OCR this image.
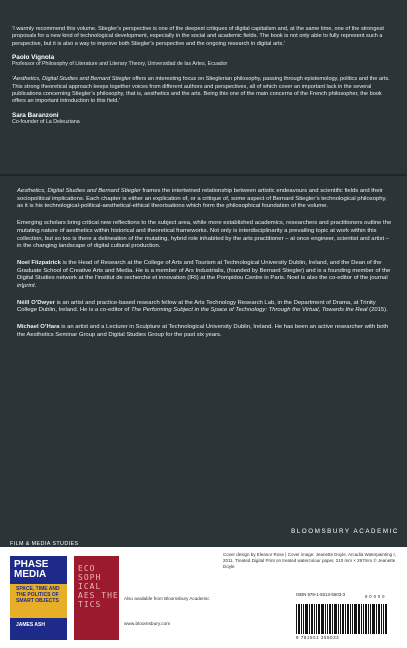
‘I warmly recommend this volume. Stiegler’s perspective is one of the deepest critiques of digital capitalism and, at the same time, one of the strongest proposals for a new kind of technological development, especially in the social and academic fields. The book is not only able to fully represent such a perspective, but it is also a way to improve both Stiegler’s perspective and the ongoing research in digital arts.’
Paolo Vignola
Professor of Philosophy of Literature and Literary Theory, Universidad de las Artes, Ecuador
‘Aesthetics, Digital Studies and Bernard Stiegler offers an interesting focus on Stieglerian philosophy, passing through epistemology, politics and the arts. This strong theoretical approach keeps together voices from different authors and perspectives, all of which cover an important lack in the several publications concerning Stiegler’s philosophy, that is, aesthetics and the arts. Being this one of the main concerns of the French philosopher, the book offers an important introduction to this field.’
Sara Baranzoni
Co-founder of La Deleuziana

Aesthetics, Digital Studies and Bernard Stiegler frames the intertwined relationship between artistic endeavours and scientific fields and their sociopolitical implications. Each chapter is either an explication of, or a critique of, some aspect of Bernard Stiegler’s technological philosophy, as it is his technological-political-aesthetical-ethical theorisations which form the philosophical foundation of the volume.

Emerging scholars bring critical new reflections to the subject area, while more established academics, researchers and practitioners outline the mutating nature of aesthetics within historical and theoretical frameworks. Not only is interdisciplinarity a prevailing topic at work within this collection, but so too is there a delineation of the mutating, hybrid role inhabited by the arts practitioner – at once engineer, scientist and artist – in the changing landscape of digital cultural production.

Noel Fitzpatrick is the Head of Research at the College of Arts and Tourism at Technological University Dublin, Ireland, and the Dean of the Graduate School of Creative Arts and Media. He is a member of Ars Industrialis, (founded by Bernard Stiegler) and is a founding member of the Digital Studies network at the l’institut de recherche et innovation (IRI) at the Pompidou Centre in Paris. Noel is also the co-editor of the journal in|print.

Néill O’Dwyer is an artist and practice-based research fellow at the Arts Technology Research Lab, in the Department of Drama, at Trinity College Dublin, Ireland. He is a co-editor of The Performing Subject in the Space of Technology: Through the Virtual, Towards the Real (2015).

Michael O’Hara is an artist and a Lecturer in Sculpture at Technological University Dublin, Ireland. He has been an active researcher with both the Aesthetics Seminar Group and Digital Studies Group for the past six years.

BLOOMSBURY ACADEMIC
FILM & MEDIA STUDIES
PHASE MEDIA
SPACE, TIME AND THE POLITICS OF SMART OBJECTS
JAMES ASH
ECO SOPH ICAL AES THE TICS
Also available from Bloomsbury Academic
www.bloomsbury.com
Cover design by Eleanor Rose | Cover image: Jeanette Doyle, Arcadia Waterpainting I, 2011. Treated Digital Print on treated watercolour paper, 210 mm × 297mm © Jeanette Doyle
ISBN 978-1-5013-5603-3	9 0 0 0 0
9 781501 356033
